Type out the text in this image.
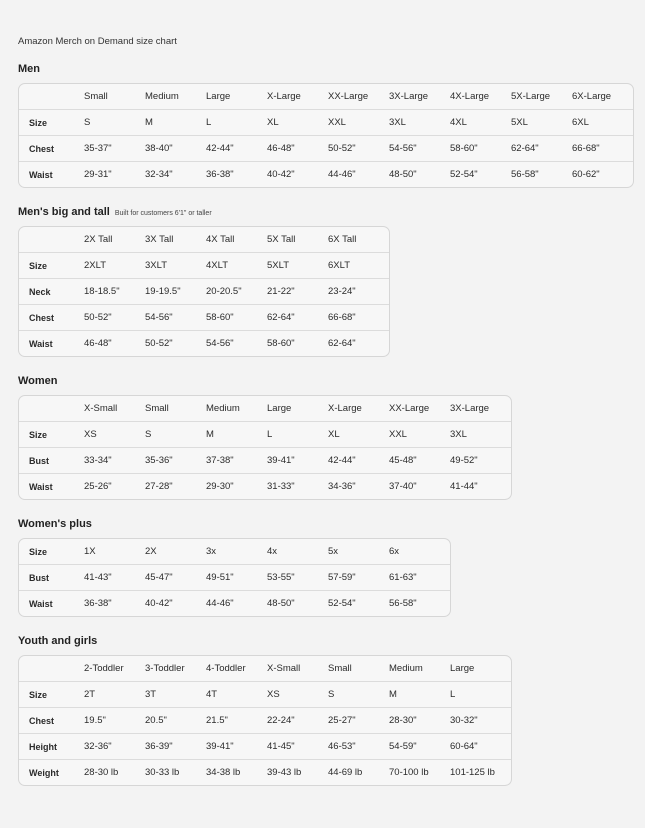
Amazon Merch on Demand size chart
Men
	Small	Medium	Large	X-Large	XX-Large	3X-Large	4X-Large	5X-Large	6X-Large
Size	S	M	L	XL	XXL	3XL	4XL	5XL	6XL
Chest	35-37"	38-40"	42-44"	46-48"	50-52"	54-56"	58-60"	62-64"	66-68"
Waist	29-31"	32-34"	36-38"	40-42"	44-46"	48-50"	52-54"	56-58"	60-62"
Men's big and tall Built for customers 6'1" or taller
	2X Tall	3X Tall	4X Tall	5X Tall	6X Tall
Size	2XLT	3XLT	4XLT	5XLT	6XLT
Neck	18-18.5"	19-19.5"	20-20.5"	21-22"	23-24"
Chest	50-52"	54-56"	58-60"	62-64"	66-68"
Waist	46-48"	50-52"	54-56"	58-60"	62-64"
Women
	X-Small	Small	Medium	Large	X-Large	XX-Large	3X-Large
Size	XS	S	M	L	XL	XXL	3XL
Bust	33-34"	35-36"	37-38"	39-41"	42-44"	45-48"	49-52"
Waist	25-26"	27-28"	29-30"	31-33"	34-36"	37-40"	41-44"
Women's plus
Size	1X	2X	3x	4x	5x	6x
Bust	41-43"	45-47"	49-51"	53-55"	57-59"	61-63"
Waist	36-38"	40-42"	44-46"	48-50"	52-54"	56-58"
Youth and girls
	2-Toddler	3-Toddler	4-Toddler	X-Small	Small	Medium	Large
Size	2T	3T	4T	XS	S	M	L
Chest	19.5"	20.5"	21.5"	22-24"	25-27"	28-30"	30-32"
Height	32-36"	36-39"	39-41"	41-45"	46-53"	54-59"	60-64"
Weight	28-30 lb	30-33 lb	34-38 lb	39-43 lb	44-69 lb	70-100 lb	101-125 lb
